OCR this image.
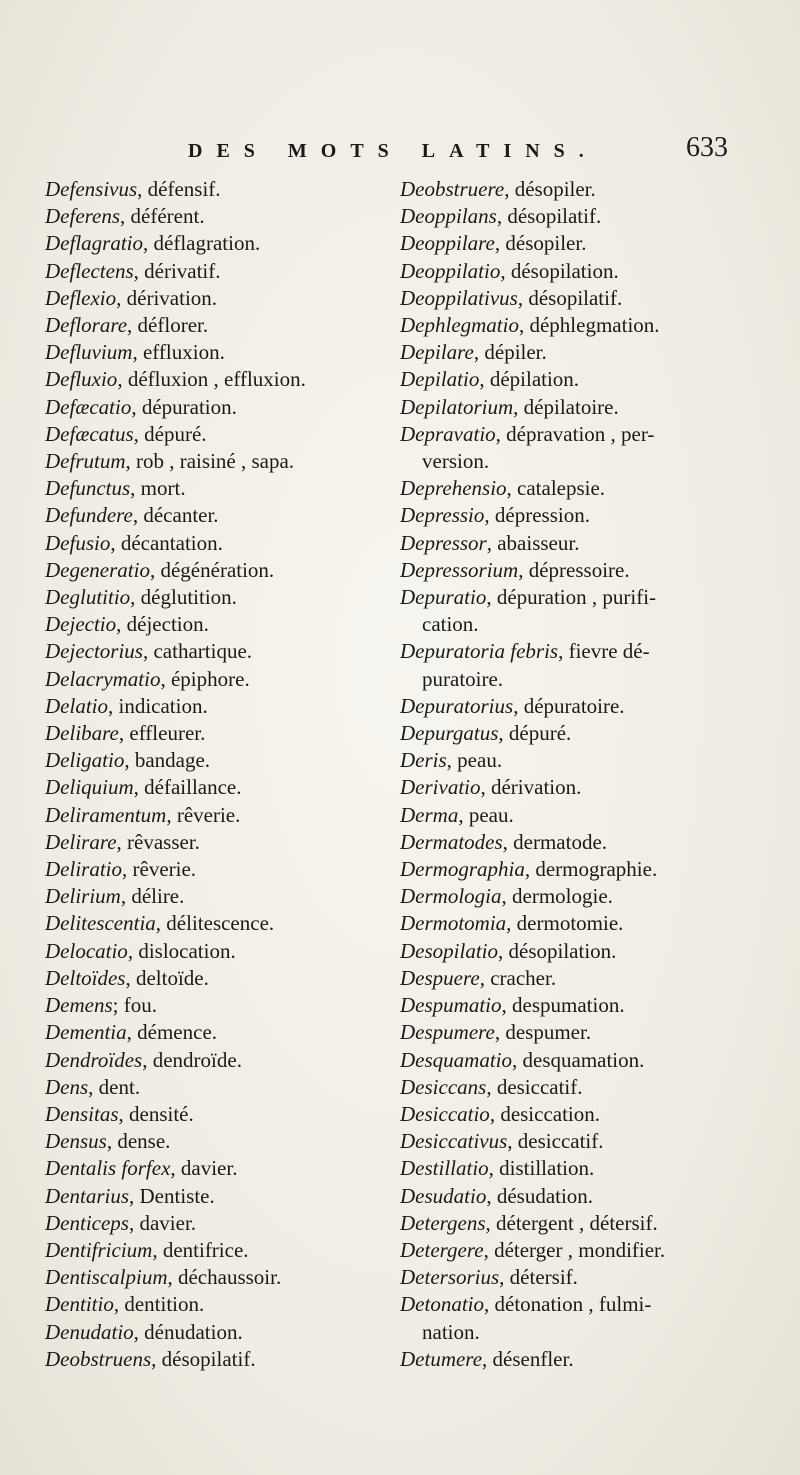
DES MOTS LATINS.	633
Defensivus, défensif.
Deferens, déférent.
Deflagratio, déflagration.
Deflectens, dérivatif.
Deflexio, dérivation.
Deflorare, déflorer.
Defluvium, effluxion.
Defluxio, défluxion , effluxion.
Defæcatio, dépuration.
Defæcatus, dépuré.
Defrutum, rob , raisiné , sapa.
Defunctus, mort.
Defundere, décanter.
Defusio, décantation.
Degeneratio, dégénération.
Deglutitio, déglutition.
Dejectio, déjection.
Dejectorius, cathartique.
Delacrymatio, épiphore.
Delatio, indication.
Delibare, effleurer.
Deligatio, bandage.
Deliquium, défaillance.
Deliramentum, rêverie.
Delirare, rêvasser.
Deliratio, rêverie.
Delirium, délire.
Delitescentia, délitescence.
Delocatio, dislocation.
Deltoïdes, deltoïde.
Demens; fou.
Dementia, démence.
Dendroïdes, dendroïde.
Dens, dent.
Densitas, densité.
Densus, dense.
Dentalis forfex, davier.
Dentarius, Dentiste.
Denticeps, davier.
Dentifricium, dentifrice.
Dentiscalpium, déchaussoir.
Dentitio, dentition.
Denudatio, dénudation.
Deobstruens, désopilatif.
Deobstruere, désopiler.
Deoppilans, désopilatif.
Deoppilare, désopiler.
Deoppilatio, désopilation.
Deoppilativus, désopilatif.
Dephlegmatio, déphlegmation.
Depilare, dépiler.
Depilatio, dépilation.
Depilatorium, dépilatoire.
Depravatio, dépravation , per-
version.
Deprehensio, catalepsie.
Depressio, dépression.
Depressor, abaisseur.
Depressorium, dépressoire.
Depuratio, dépuration , purifi-
cation.
Depuratoria febris, fievre dé-
puratoire.
Depuratorius, dépuratoire.
Depurgatus, dépuré.
Deris, peau.
Derivatio, dérivation.
Derma, peau.
Dermatodes, dermatode.
Dermographia, dermographie.
Dermologia, dermologie.
Dermotomia, dermotomie.
Desopilatio, désopilation.
Despuere, cracher.
Despumatio, despumation.
Despumere, despumer.
Desquamatio, desquamation.
Desiccans, desiccatif.
Desiccatio, desiccation.
Desiccativus, desiccatif.
Destillatio, distillation.
Desudatio, désudation.
Detergens, détergent , détersif.
Detergere, déterger , mondifier.
Detersorius, détersif.
Detonatio, détonation , fulmi-
nation.
Detumere, désenfler.
